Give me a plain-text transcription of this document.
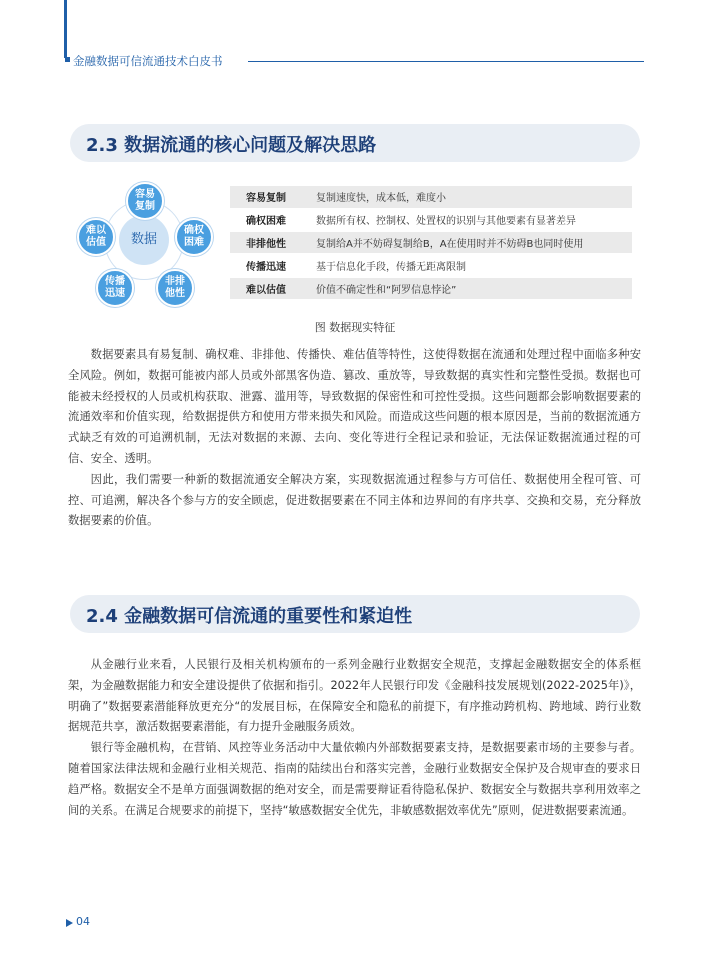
金融数据可信流通技术白皮书
2.3 数据流通的核心问题及解决思路
数据
容易
复制
确权
困难
非排
他性
传播
迅速
难以
估值
容易复制	复制速度快，成本低，难度小
确权困难	数据所有权、控制权、处置权的识别与其他要素有显著差异
非排他性	复制给A并不妨碍复制给B，A在使用时并不妨碍B也同时使用
传播迅速	基于信息化手段，传播无距离限制
难以估值	价值不确定性和“阿罗信息悖论”
图 数据现实特征

数据要素具有易复制、确权难、非排他、传播快、难估值等特性，这使得数据在流通和处理过程中面临多种安全风险。例如，数据可能被内部人员或外部黑客伪造、篡改、重放等，导致数据的真实性和完整性受损。数据也可能被未经授权的人员或机构获取、泄露、滥用等，导致数据的保密性和可控性受损。这些问题都会影响数据要素的流通效率和价值实现，给数据提供方和使用方带来损失和风险。而造成这些问题的根本原因是，当前的数据流通方式缺乏有效的可追溯机制，无法对数据的来源、去向、变化等进行全程记录和验证，无法保证数据流通过程的可信、安全、透明。

因此，我们需要一种新的数据流通安全解决方案，实现数据流通过程参与方可信任、数据使用全程可管、可控、可追溯，解决各个参与方的安全顾虑，促进数据要素在不同主体和边界间的有序共享、交换和交易，充分释放数据要素的价值。

2.4 金融数据可信流通的重要性和紧迫性

从金融行业来看，人民银行及相关机构颁布的一系列金融行业数据安全规范，支撑起金融数据安全的体系框架，为金融数据能力和安全建设提供了依据和指引。2022年人民银行印发《金融科技发展规划(2022-2025年)》，明确了”数据要素潜能释放更充分“的发展目标，在保障安全和隐私的前提下，有序推动跨机构、跨地域、跨行业数据规范共享，激活数据要素潜能，有力提升金融服务质效。

银行等金融机构，在营销、风控等业务活动中大量依赖内外部数据要素支持，是数据要素市场的主要参与者。随着国家法律法规和金融行业相关规范、指南的陆续出台和落实完善，金融行业数据安全保护及合规审查的要求日趋严格。数据安全不是单方面强调数据的绝对安全，而是需要辩证看待隐私保护、数据安全与数据共享利用效率之间的关系。在满足合规要求的前提下，坚持“敏感数据安全优先，非敏感数据效率优先”原则，促进数据要素流通。

04
